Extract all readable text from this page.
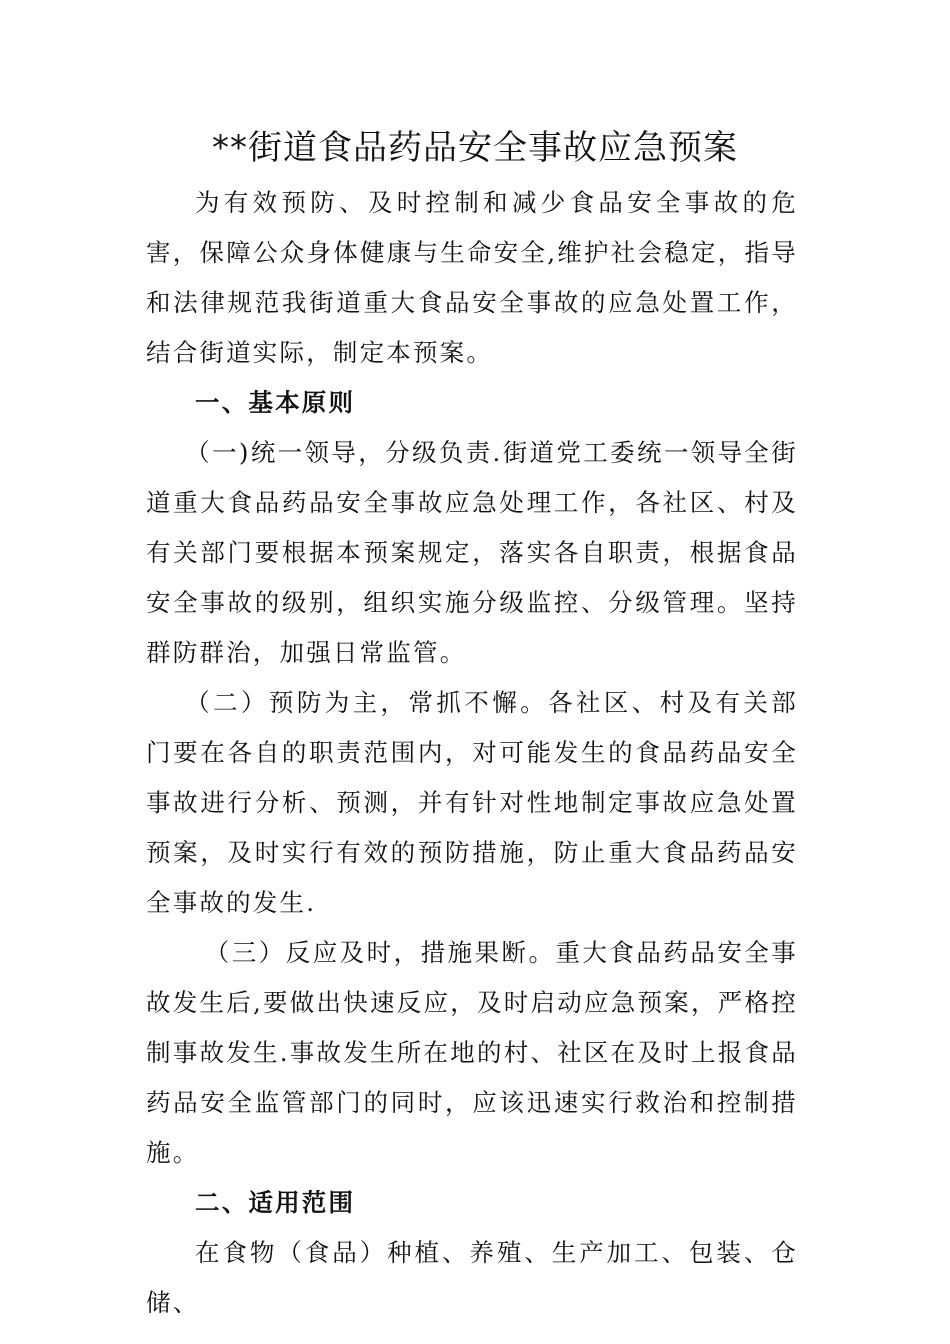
**街道食品药品安全事故应急预案

为有效预防、及时控制和减少食品安全事故的危害，保障公众身体健康与生命安全,维护社会稳定，指导和法律规范我街道重大食品安全事故的应急处置工作，结合街道实际，制定本预案。

一、基本原则

（一)统一领导，分级负责.街道党工委统一领导全街道重大食品药品安全事故应急处理工作，各社区、村及有关部门要根据本预案规定，落实各自职责，根据食品安全事故的级别，组织实施分级监控、分级管理。坚持群防群治，加强日常监管。

（二）预防为主，常抓不懈。各社区、村及有关部门要在各自的职责范围内，对可能发生的食品药品安全事故进行分析、预测，并有针对性地制定事故应急处置预案，及时实行有效的预防措施，防止重大食品药品安全事故的发生.

（三）反应及时，措施果断。重大食品药品安全事故发生后,要做出快速反应，及时启动应急预案，严格控制事故发生.事故发生所在地的村、社区在及时上报食品药品安全监管部门的同时，应该迅速实行救治和控制措施。

二、适用范围

在食物（食品）种植、养殖、生产加工、包装、仓储、
